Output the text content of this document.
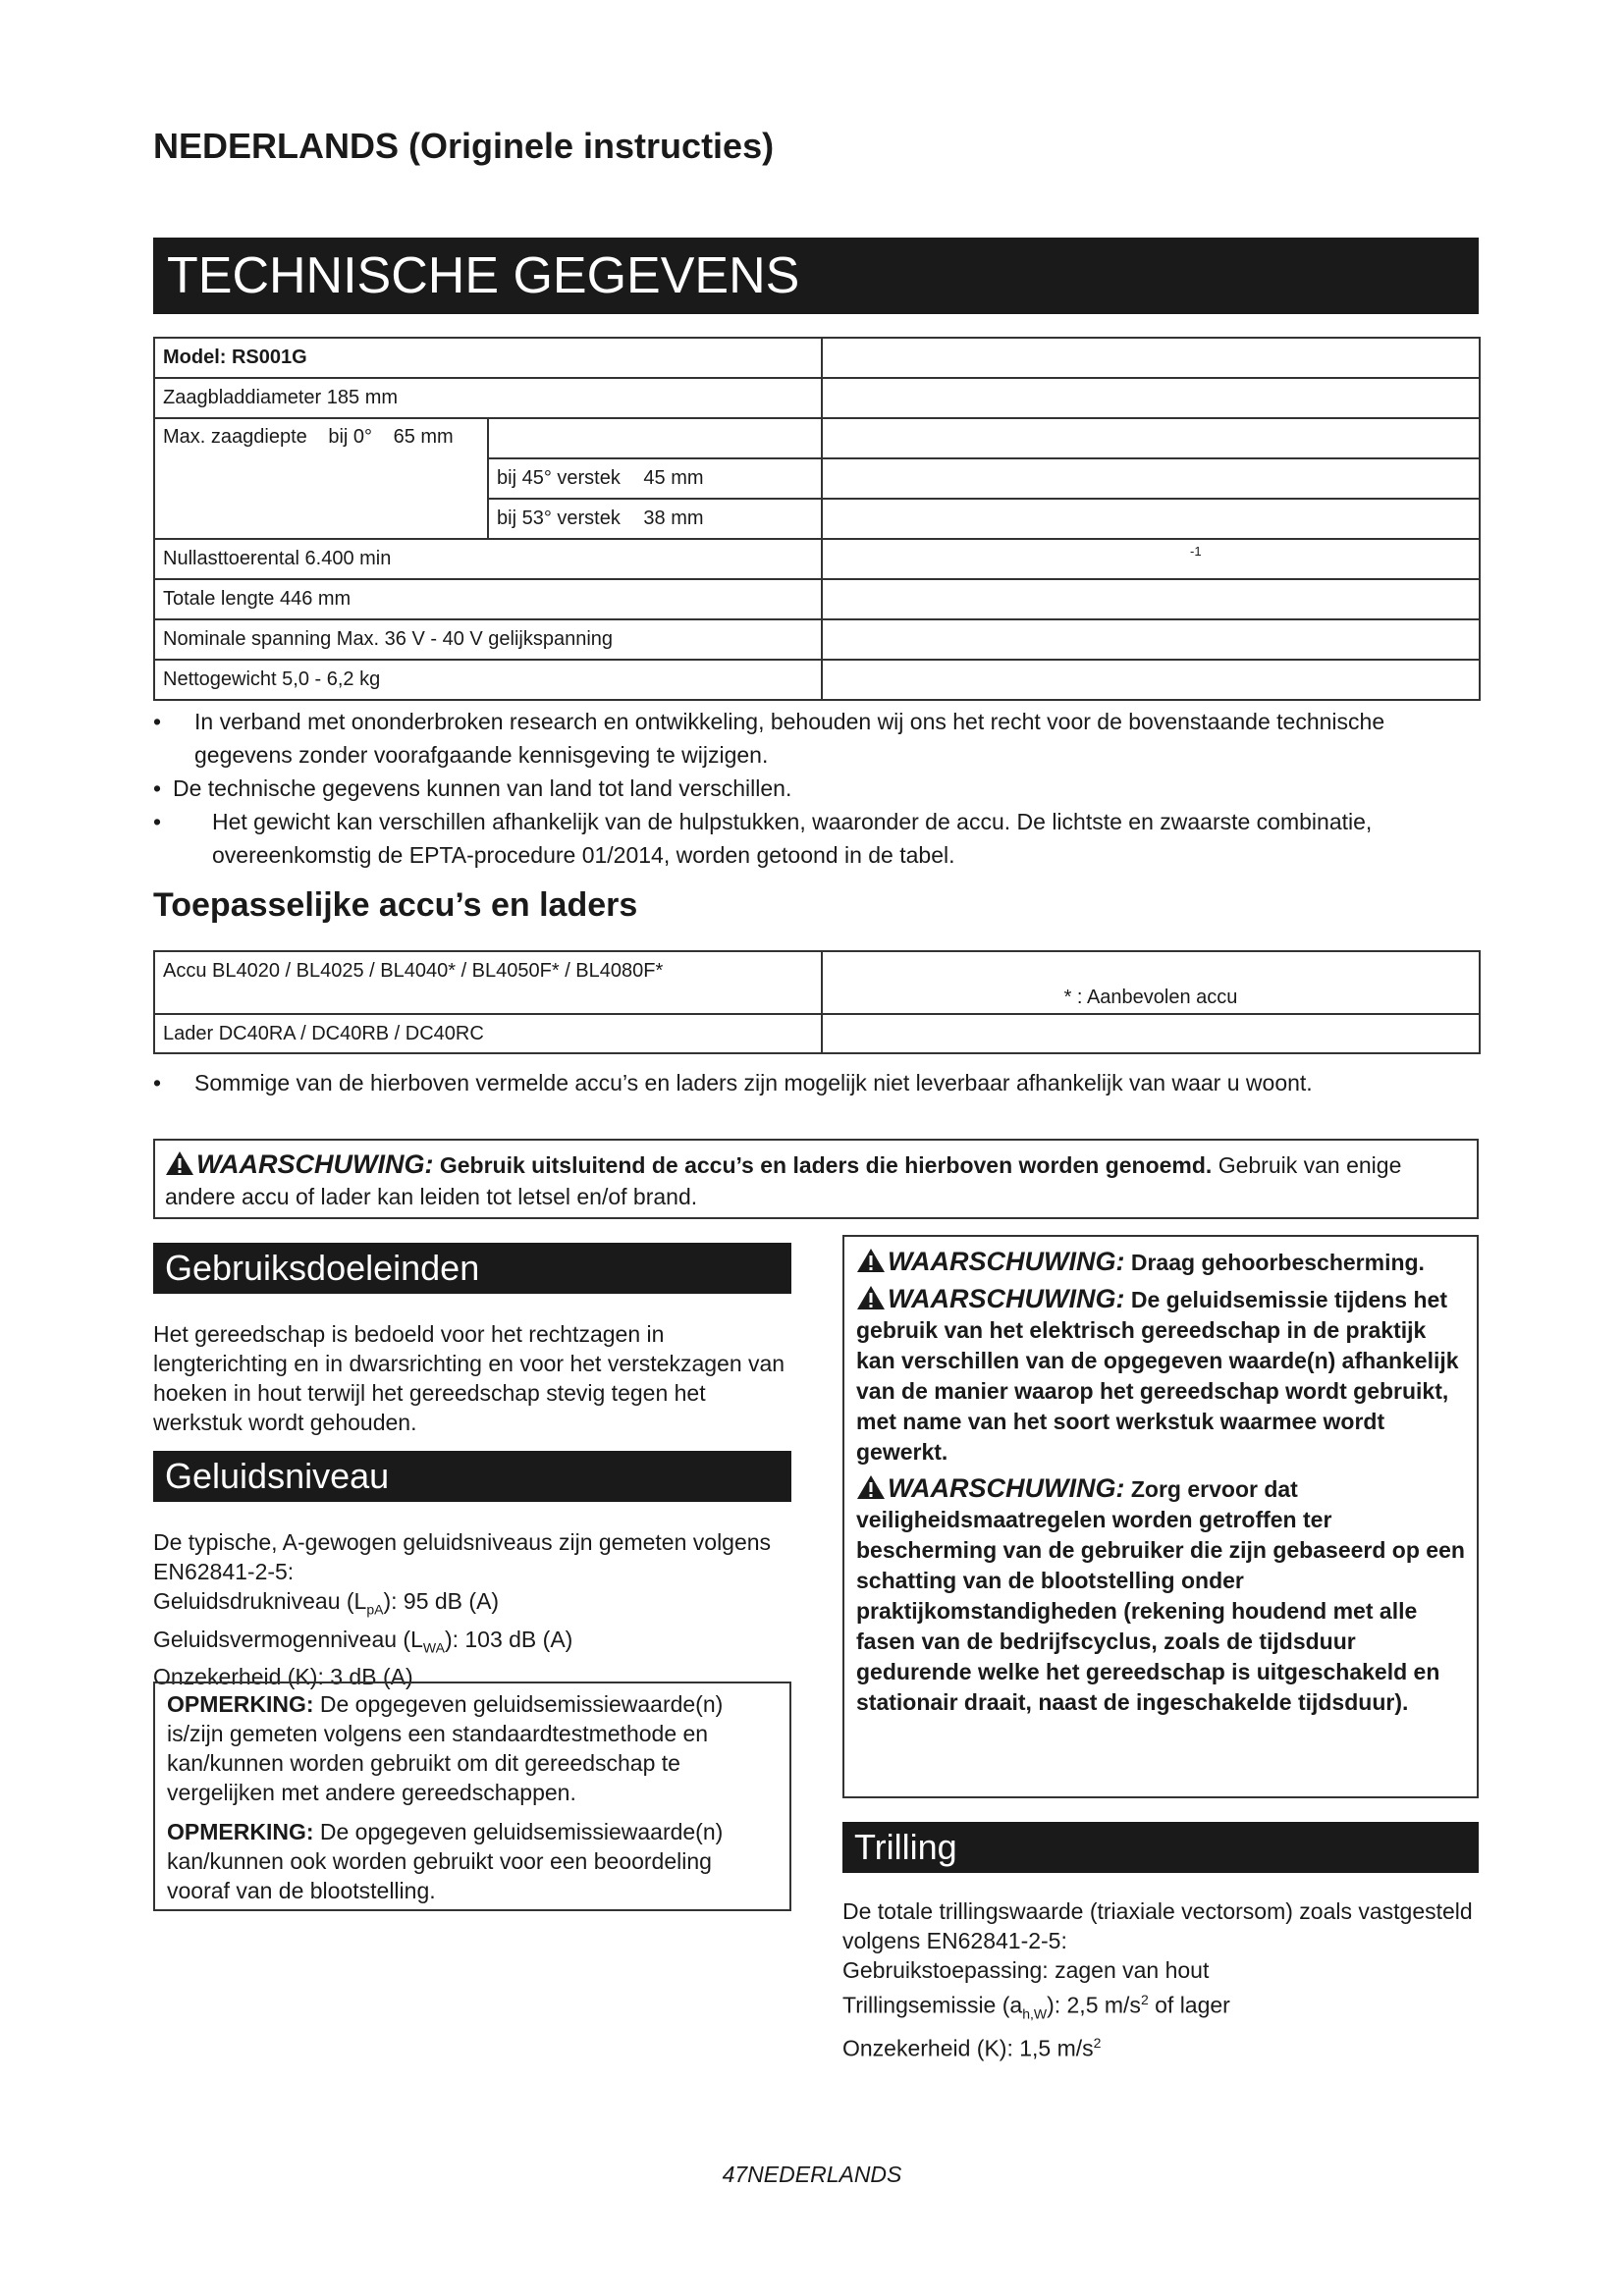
NEDERLANDS (Originele instructies)
TECHNISCHE GEGEVENS
Model: RS001G		
Zaagbladdiameter 185 mm		
Max. zaagdiepte bij 0° 65 mm		
	bij 45° verstek 45 mm	
	bij 53° verstek 38 mm	
Nullasttoerental 6.400 min		-1

Totale lengte 446 mm		
Nominale spanning Max. 36 V - 40 V gelijkspanning		
Nettogewicht 5,0 - 6,2 kg		
• In verband met ononderbroken research en ontwikkeling, behouden wij ons het recht voor de bovenstaande technische gegevens zonder voorafgaande kennisgeving te wijzigen.
• De technische gegevens kunnen van land tot land verschillen.
• Het gewicht kan verschillen afhankelijk van de hulpstukken, waaronder de accu. De lichtste en zwaarste combinatie, overeenkomstig de EPTA-procedure 01/2014, worden getoond in de tabel.
Toepasselijke accu’s en laders
Accu BL4020 / BL4025 / BL4040* / BL4050F* / BL4080F*	* : Aanbevolen accu
Lader DC40RA / DC40RB / DC40RC	
• Sommige van de hierboven vermelde accu’s en laders zijn mogelijk niet leverbaar afhankelijk van waar u woont.
WAARSCHUWING: Gebruik uitsluitend de accu’s en laders die hierboven worden genoemd. Gebruik van enige andere accu of lader kan leiden tot letsel en/of brand.
Gebruiksdoeleinden
Het gereedschap is bedoeld voor het rechtzagen in lengterichting en in dwarsrichting en voor het verstekzagen van hoeken in hout terwijl het gereedschap stevig tegen het werkstuk wordt gehouden.
Geluidsniveau
De typische, A-gewogen geluidsniveaus zijn gemeten volgens EN62841-2-5:
Geluidsdrukniveau $(L_{pA})$: 95 dB (A)
Geluidsvermogenniveau $(L_{WA})$: 103 dB (A)
Onzekerheid (K): 3 dB (A)
OPMERKING: De opgegeven geluidsemissiewaarde(n) is/zijn gemeten volgens een standaardtestmethode en kan/kunnen worden gebruikt om dit gereedschap te vergelijken met andere gereedschappen.
OPMERKING: De opgegeven geluidsemissiewaarde(n) kan/kunnen ook worden gebruikt voor een beoordeling vooraf van de blootstelling.
WAARSCHUWING: Draag gehoorbescherming.
WAARSCHUWING: De geluidsemissie tijdens het gebruik van het elektrisch gereedschap in de praktijk kan verschillen van de opgegeven waarde(n) afhankelijk van de manier waarop het gereedschap wordt gebruikt, met name van het soort werkstuk waarmee wordt gewerkt.
WAARSCHUWING: Zorg ervoor dat veiligheidsmaatregelen worden getroffen ter bescherming van de gebruiker die zijn gebaseerd op een schatting van de blootstelling onder praktijkomstandigheden (rekening houdend met alle fasen van de bedrijfscyclus, zoals de tijdsduur gedurende welke het gereedschap is uitgeschakeld en stationair draait, naast de ingeschakelde tijdsduur).
Trilling
De totale trillingswaarde (triaxiale vectorsom) zoals vastgesteld volgens EN62841-2-5:
Gebruikstoepassing: zagen van hout
Trillingsemissie $(a_{h,W})$: 2,5 $m/s^2$ of lager
Onzekerheid (K): 1,5 $m/s^2$
47NEDERLANDS
